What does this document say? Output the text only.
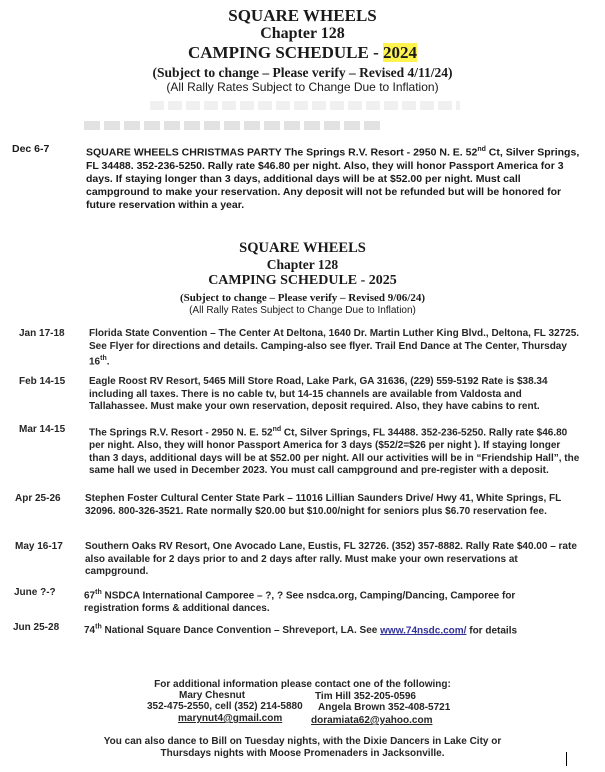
SQUARE WHEELS
Chapter 128
CAMPING SCHEDULE - 2024
(Subject to change – Please verify – Revised 4/11/24)
(All Rally Rates Subject to Change Due to Inflation)
Dec 6-7	SQUARE WHEELS CHRISTMAS PARTY The Springs R.V. Resort - 2950 N. E. 52nd Ct, Silver Springs, FL 34488. 352-236-5250. Rally rate $46.80 per night. Also, they will honor Passport America for 3 days. If staying longer than 3 days, additional days will be at $52.00 per night. Must call campground to make your reservation. Any deposit will not be refunded but will be honored for future reservation within a year.
SQUARE WHEELS
Chapter 128
CAMPING SCHEDULE - 2025
(Subject to change – Please verify – Revised 9/06/24)
(All Rally Rates Subject to Change Due to Inflation)
Jan 17-18 Florida State Convention – The Center At Deltona, 1640 Dr. Martin Luther King Blvd., Deltona, FL 32725. See Flyer for directions and details. Camping-also see flyer. Trail End Dance at The Center, Thursday 16th.
Feb 14-15 Eagle Roost RV Resort, 5465 Mill Store Road, Lake Park, GA 31636, (229) 559-5192 Rate is $38.34 including all taxes. There is no cable tv, but 14-15 channels are available from Valdosta and Tallahassee. Must make your own reservation, deposit required. Also, they have cabins to rent.
Mar 14-15 The Springs R.V. Resort - 2950 N. E. 52nd Ct, Silver Springs, FL 34488. 352-236-5250. Rally rate $46.80 per night. Also, they will honor Passport America for 3 days ($52/2=$26 per night ). If staying longer than 3 days, additional days will be at $52.00 per night. All our activities will be in “Friendship Hall”, the same hall we used in December 2023. You must call campground and pre-register with a deposit.
Apr 25-26 Stephen Foster Cultural Center State Park – 11016 Lillian Saunders Drive/ Hwy 41, White Springs, FL 32096. 800-326-3521. Rate normally $20.00 but $10.00/night for seniors plus $6.70 reservation fee.
May 16-17 Southern Oaks RV Resort, One Avocado Lane, Eustis, FL 32726. (352) 357-8882. Rally Rate $40.00 – rate also available for 2 days prior to and 2 days after rally. Must make your own reservations at campground.
June ?-?	67th NSDCA International Camporee – ?, ? See nsdca.org, Camping/Dancing, Camporee for registration forms & additional dances.
Jun 25-28 74th National Square Dance Convention – Shreveport, LA. See www.74nsdc.com/ for details
For additional information please contact one of the following:
Mary Chesnut
352-475-2550, cell (352) 214-5880
marynut4@gmail.com
Tim Hill 352-205-0596
Angela Brown 352-408-5721
doramiata62@yahoo.com
You can also dance to Bill on Tuesday nights, with the Dixie Dancers in Lake City or
Thursdays nights with Moose Promenaders in Jacksonville.
